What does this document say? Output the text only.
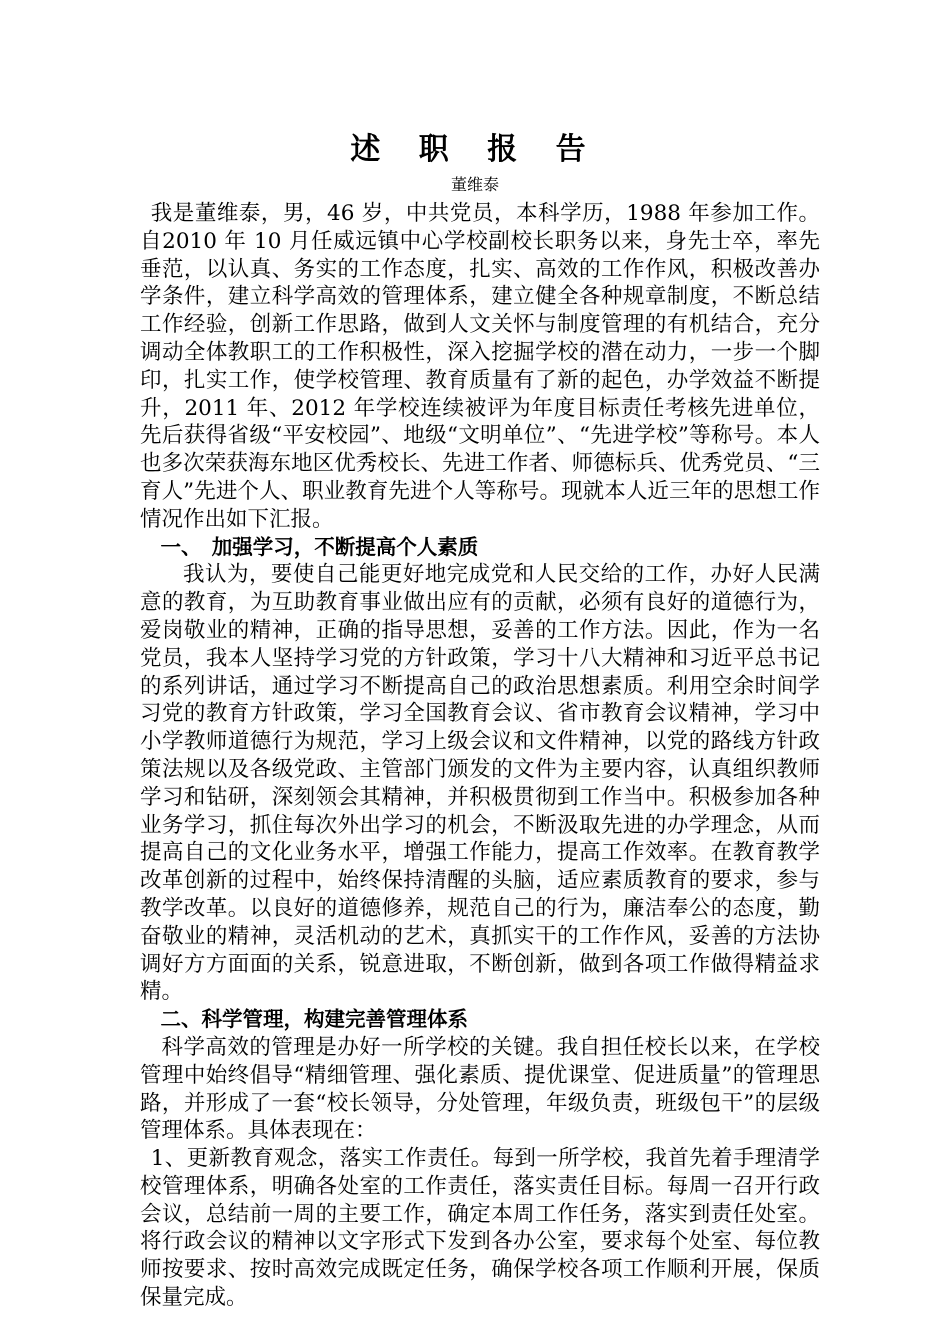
述 职 报 告

董维泰

我是董维泰，男，46 岁，中共党员，本科学历，1988 年参加工作。自2010 年 10 月任威远镇中心学校副校长职务以来，身先士卒，率先垂范，以认真、务实的工作态度，扎实、高效的工作作风，积极改善办学条件，建立科学高效的管理体系，建立健全各种规章制度，不断总结工作经验，创新工作思路，做到人文关怀与制度管理的有机结合，充分调动全体教职工的工作积极性，深入挖掘学校的潜在动力，一步一个脚印，扎实工作，使学校管理、教育质量有了新的起色，办学效益不断提升，2011 年、2012 年学校连续被评为年度目标责任考核先进单位，先后获得省级“平安校园”、地级“文明单位”、“先进学校”等称号。本人也多次荣获海东地区优秀校长、先进工作者、师德标兵、优秀党员、“三育人”先进个人、职业教育先进个人等称号。现就本人近三年的思想工作情况作出如下汇报。

一、　加强学习，不断提高个人素质

我认为，要使自己能更好地完成党和人民交给的工作，办好人民满意的教育，为互助教育事业做出应有的贡献，必须有良好的道德行为，爱岗敬业的精神，正确的指导思想，妥善的工作方法。因此，作为一名党员，我本人坚持学习党的方针政策，学习十八大精神和习近平总书记的系列讲话，通过学习不断提高自己的政治思想素质。利用空余时间学习党的教育方针政策，学习全国教育会议、省市教育会议精神，学习中小学教师道德行为规范，学习上级会议和文件精神，以党的路线方针政策法规以及各级党政、主管部门颁发的文件为主要内容，认真组织教师学习和钻研，深刻领会其精神，并积极贯彻到工作当中。积极参加各种业务学习，抓住每次外出学习的机会，不断汲取先进的办学理念，从而提高自己的文化业务水平，增强工作能力，提高工作效率。在教育教学改革创新的过程中，始终保持清醒的头脑，适应素质教育的要求，参与教学改革。以良好的道德修养，规范自己的行为，廉洁奉公的态度，勤奋敬业的精神，灵活机动的艺术，真抓实干的工作作风，妥善的方法协调好方方面面的关系，锐意进取，不断创新，做到各项工作做得精益求精。

二、科学管理，构建完善管理体系

科学高效的管理是办好一所学校的关键。我自担任校长以来，在学校管理中始终倡导“精细管理、强化素质、提优课堂、促进质量”的管理思路，并形成了一套“校长领导，分处管理，年级负责，班级包干”的层级管理体系。具体表现在：

1、更新教育观念，落实工作责任。每到一所学校，我首先着手理清学校管理体系，明确各处室的工作责任，落实责任目标。每周一召开行政会议，总结前一周的主要工作，确定本周工作任务，落实到责任处室。将行政会议的精神以文字形式下发到各办公室，要求每个处室、每位教师按要求、按时高效完成既定任务，确保学校各项工作顺利开展，保质保量完成。
